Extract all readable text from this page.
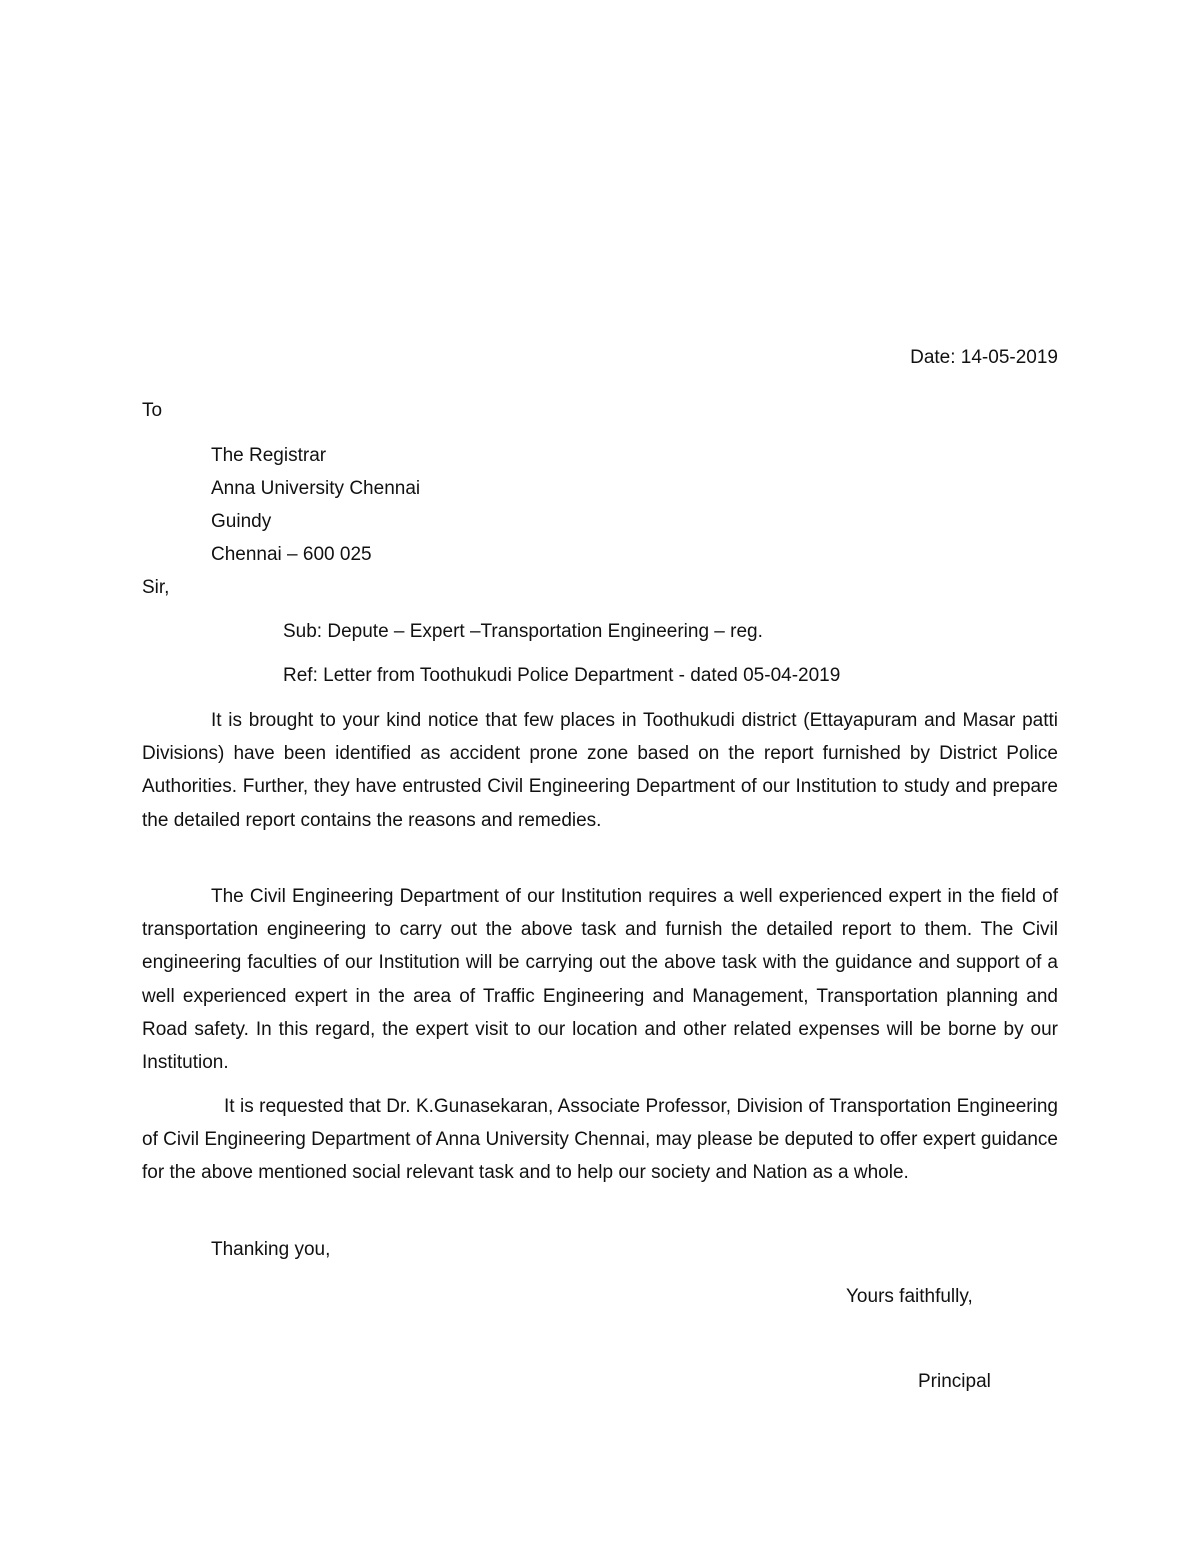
Date: 14-05-2019
To
The Registrar
Anna University Chennai
Guindy
Chennai – 600 025
Sir,
Sub: Depute – Expert –Transportation Engineering – reg.
Ref: Letter from Toothukudi Police Department - dated 05-04-2019

It is brought to your kind notice that few places in Toothukudi district (Ettayapuram and Masar patti Divisions) have been identified as accident prone zone based on the report furnished by District Police Authorities. Further, they have entrusted Civil Engineering Department of our Institution to study and prepare the detailed report contains the reasons and remedies.

The Civil Engineering Department of our Institution requires a well experienced expert in the field of transportation engineering to carry out the above task and furnish the detailed report to them. The Civil engineering faculties of our Institution will be carrying out the above task with the guidance and support of a well experienced expert in the area of Traffic Engineering and Management, Transportation planning and Road safety. In this regard, the expert visit to our location and other related expenses will be borne by our Institution.

It is requested that Dr. K.Gunasekaran, Associate Professor, Division of Transportation Engineering of Civil Engineering Department of Anna University Chennai, may please be deputed to offer expert guidance for the above mentioned social relevant task and to help our society and Nation as a whole.

Thanking you,
Yours faithfully,
Principal
